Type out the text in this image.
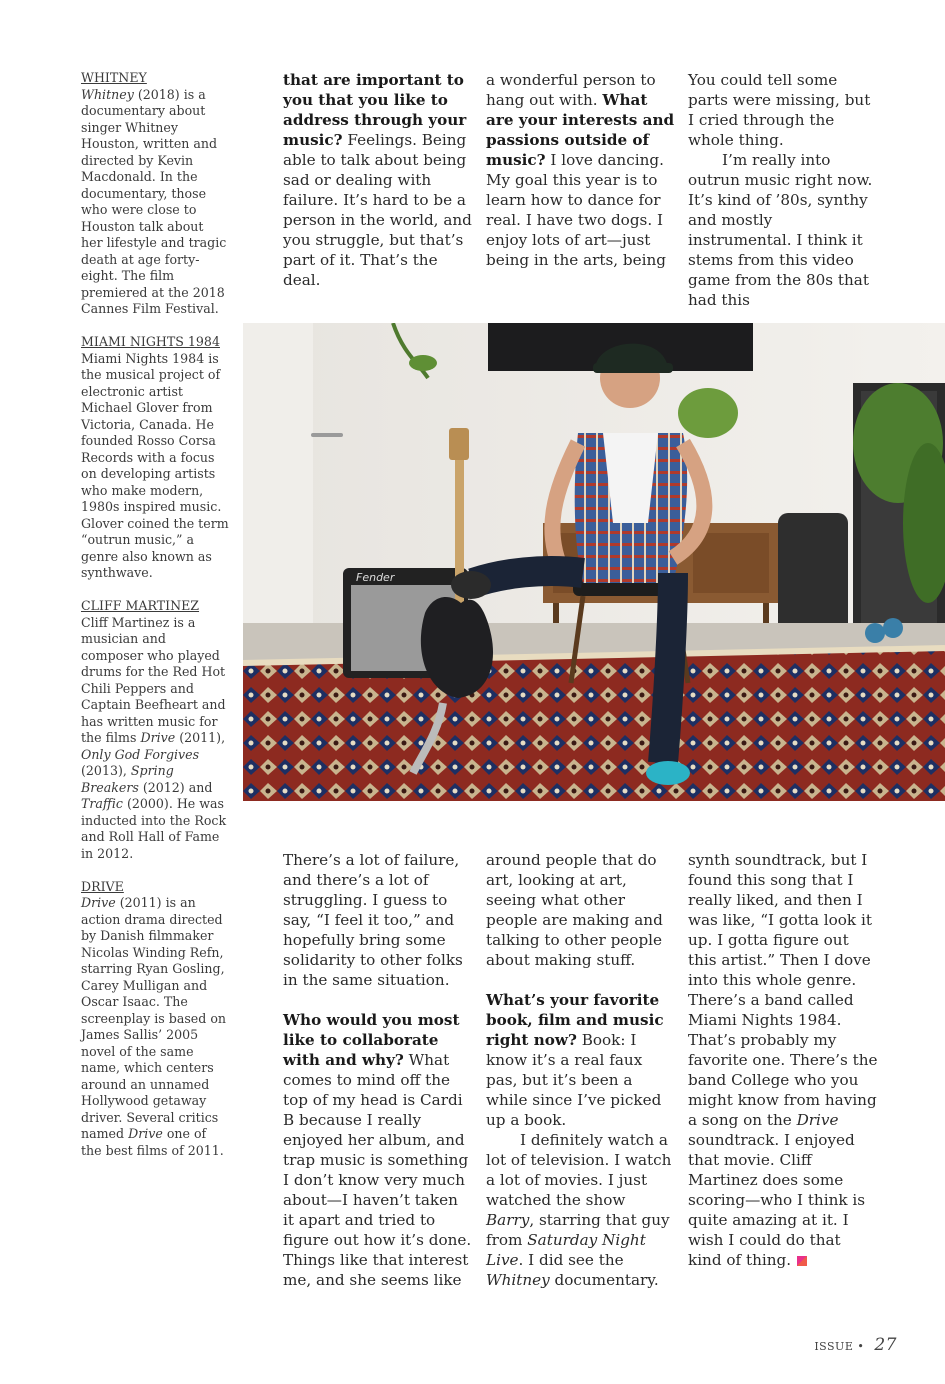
WHITNEY
Whitney (2018) is a documentary about singer Whitney Houston, written and directed by Kevin Macdonald. In the documentary, those who were close to Houston talk about her lifestyle and tragic death at age forty-eight. The film premiered at the 2018 Cannes Film Festival.
MIAMI NIGHTS 1984
Miami Nights 1984 is the musical project of electronic artist Michael Glover from Victoria, Canada. He founded Rosso Corsa Records with a focus on developing artists who make modern, 1980s inspired music. Glover coined the term “outrun music,” a genre also known as synthwave.
CLIFF MARTINEZ
Cliff Martinez is a musician and composer who played drums for the Red Hot Chili Peppers and Captain Beefheart and has written music for the films Drive (2011), Only God Forgives (2013), Spring Breakers (2012) and Traffic (2000). He was inducted into the Rock and Roll Hall of Fame in 2012.
DRIVE
Drive (2011) is an action drama directed by Danish filmmaker Nicolas Winding Refn, starring Ryan Gosling, Carey Mulligan and Oscar Isaac. The screenplay is based on James Sallis’ 2005 novel of the same name, which centers around an unnamed Hollywood getaway driver. Several critics named Drive one of the best films of 2011.
that are important to you that you like to address through your music? Feelings. Being able to talk about being sad or dealing with failure. It’s hard to be a person in the world, and you struggle, but that’s part of it. That’s the deal.
a wonderful person to hang out with. What are your interests and passions outside of music? I love dancing. My goal this year is to learn how to dance for real. I have two dogs. I enjoy lots of art—just being in the arts, being
You could tell some parts were missing, but I cried through the whole thing.

I’m really into outrun music right now. It’s kind of ’80s, synthy and mostly instrumental. I think it stems from this video game from the 80s that had this

Fender
There’s a lot of failure, and there’s a lot of struggling. I guess to say, “I feel it too,” and hopefully bring some solidarity to other folks in the same situation.
Who would you most like to collaborate with and why? What comes to mind off the top of my head is Cardi B because I really enjoyed her album, and trap music is something I don’t know very much about—I haven’t taken it apart and tried to figure out how it’s done. Things like that interest me, and she seems like
around people that do art, looking at art, seeing what other people are making and talking to other people about making stuff.
What’s your favorite book, film and music right now? Book: I know it’s a real faux pas, but it’s been a while since I’ve picked up a book.

I definitely watch a lot of television. I watch a lot of movies. I just watched the show Barry, starring that guy from Saturday Night Live. I did see the Whitney documentary.

synth soundtrack, but I found this song that I really liked, and then I was like, “I gotta look it up. I gotta figure out this artist.” Then I dove into this whole genre. There’s a band called Miami Nights 1984. That’s probably my favorite one. There’s the band College who you might know from having a song on the Drive soundtrack. I enjoyed that movie. Cliff Martinez does some scoring—who I think is quite amazing at it. I wish I could do that kind of thing.
ISSUE • 27
